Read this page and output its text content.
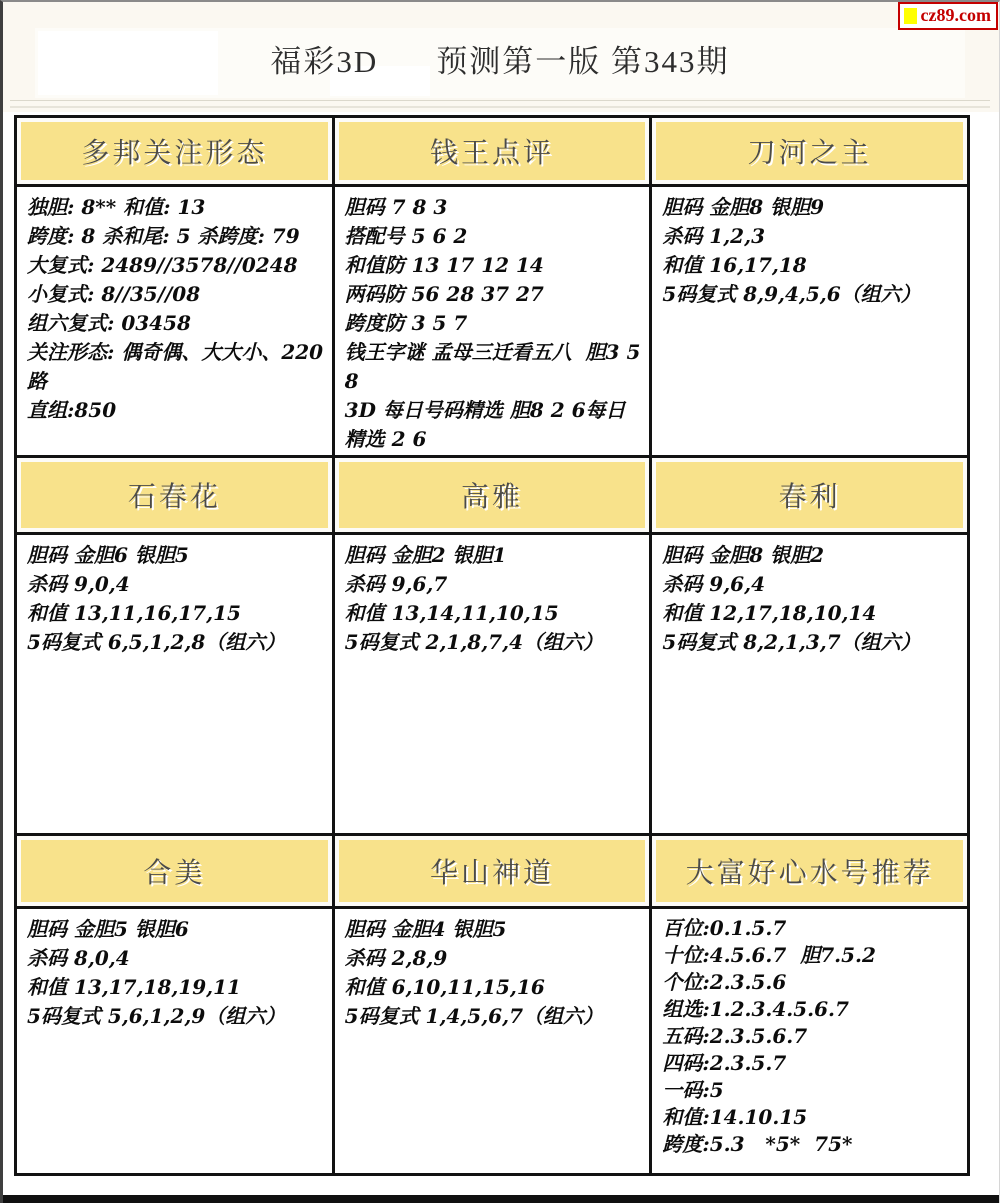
福彩3D 预测第一版 第343期
cz89.com
多邦关注形态
独胆: 8** 和值: 13
跨度: 8 杀和尾: 5 杀跨度: 79
大复式: 2489//3578//0248
小复式: 8//35//08
组六复式: 03458
关注形态: 偶奇偶、大大小、220路
直组:850
钱王点评
胆码 7 8 3
搭配号 5 6 2
和值防 13 17 12 14
两码防 56 28 37 27
跨度防 3 5 7
钱王字谜 孟母三迁看五八  胆3 5 8
3D 每日号码精选 胆8 2 6每日精选 2 6
刀河之主
胆码 金胆8 银胆9
杀码 1,2,3
和值 16,17,18
5码复式 8,9,4,5,6（组六）
石春花
胆码 金胆6 银胆5
杀码 9,0,4
和值 13,11,16,17,15
5码复式 6,5,1,2,8（组六）
高雅
胆码 金胆2 银胆1
杀码 9,6,7
和值 13,14,11,10,15
5码复式 2,1,8,7,4（组六）
春利
胆码 金胆8 银胆2
杀码 9,6,4
和值 12,17,18,10,14
5码复式 8,2,1,3,7（组六）
合美
胆码 金胆5 银胆6
杀码 8,0,4
和值 13,17,18,19,11
5码复式 5,6,1,2,9（组六）
华山神道
胆码 金胆4 银胆5
杀码 2,8,9
和值 6,10,11,15,16
5码复式 1,4,5,6,7（组六）
大富好心水号推荐
百位:0.1.5.7
十位:4.5.6.7  胆7.5.2
个位:2.3.5.6
组选:1.2.3.4.5.6.7
五码:2.3.5.6.7
四码:2.3.5.7
一码:5
和值:14.10.15
跨度:5.3   *5*  75*
